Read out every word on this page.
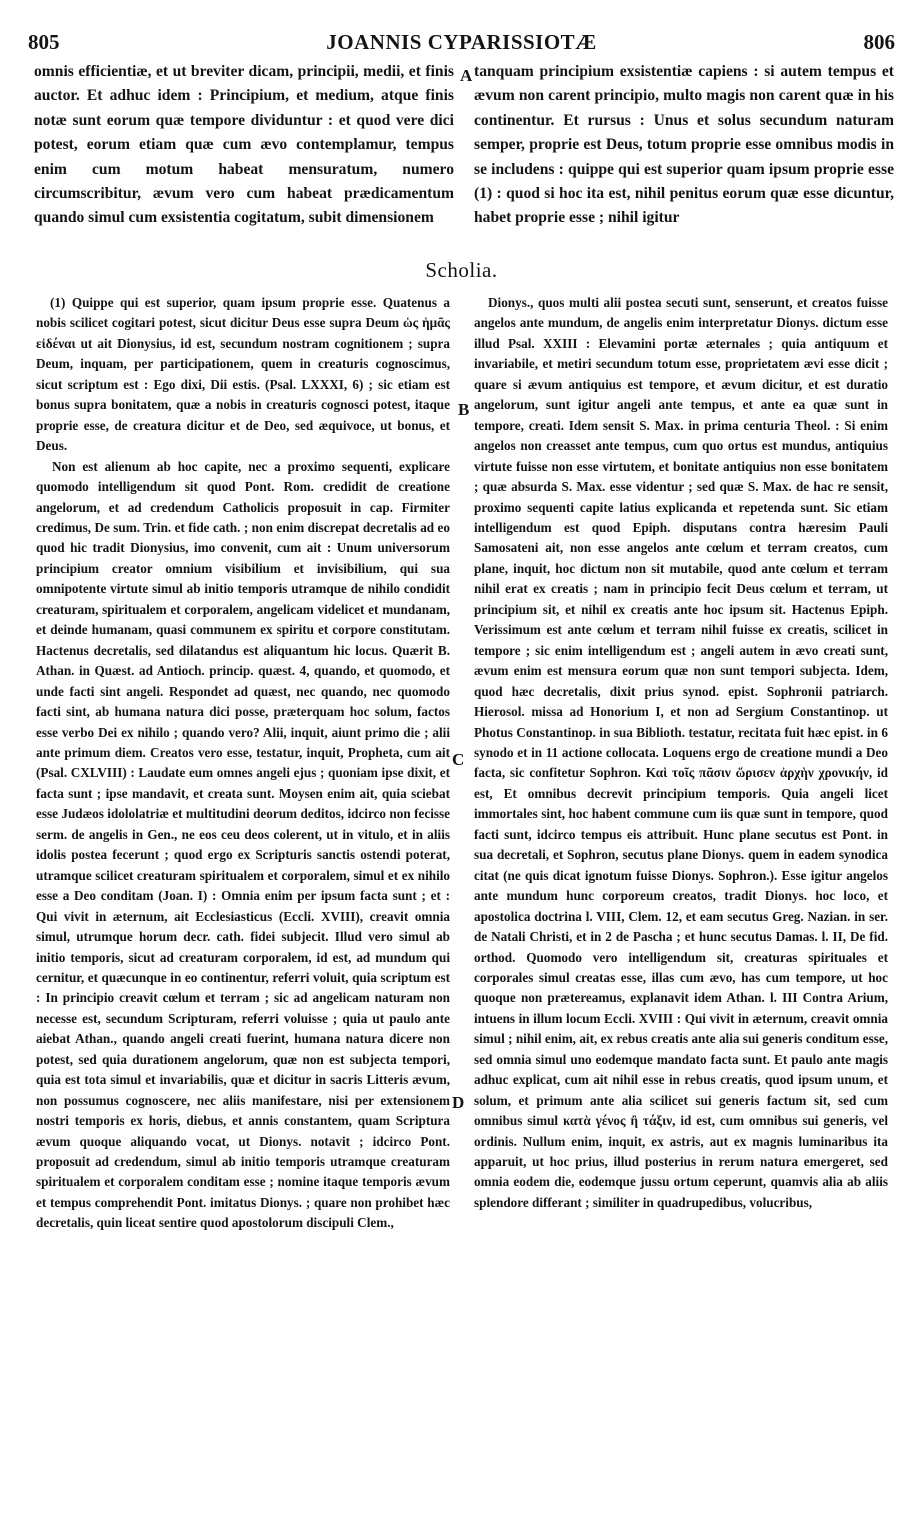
805	JOANNIS CYPARISSIOTÆ	806
omnis efficientiæ, et ut breviter dicam, principii, medii, et finis auctor. Et adhuc idem : Principium, et medium, atque finis notæ sunt eorum quæ tempore dividuntur : et quod vere dici potest, eorum etiam quæ cum ævo contemplamur, tempus enim cum motum habeat mensuratum, numero circumscribitur, ævum vero cum habeat prædicamentum quando simul cum exsistentia cogitatum, subit dimensionem
tanquam principium exsistentiæ capiens : si autem tempus et ævum non carent principio, multo magis non carent quæ in his continentur. Et rursus : Unus et solus secundum naturam semper, proprie est Deus, totum proprie esse omnibus modis in se includens : quippe qui est superior quam ipsum proprie esse (1) : quod si hoc ita est, nihil penitus eorum quæ esse dicuntur, habet proprie esse ; nihil igitur
A
Scholia.

(1) Quippe qui est superior, quam ipsum proprie esse. Quatenus a nobis scilicet cogitari potest, sicut dicitur Deus esse supra Deum ὡς ἡμᾶς εἰδέναι ut ait Dionysius, id est, secundum nostram cognitionem ; supra Deum, inquam, per participationem, quem in creaturis cognoscimus, sicut scriptum est : Ego dixi, Dii estis. (Psal. LXXXI, 6) ; sic etiam est bonus supra bonitatem, quæ a nobis in creaturis cognosci potest, itaque proprie esse, de creatura dicitur et de Deo, sed æquivoce, ut bonus, et Deus.

Non est alienum ab hoc capite, nec a proximo sequenti, explicare quomodo intelligendum sit quod Pont. Rom. credidit de creatione angelorum, et ad credendum Catholicis proposuit in cap. Firmiter credimus, De sum. Trin. et fide cath. ; non enim discrepat decretalis ad eo quod hic tradit Dionysius, imo convenit, cum ait : Unum universorum principium creator omnium visibilium et invisibilium, qui sua omnipotente virtute simul ab initio temporis utramque de nihilo condidit creaturam, spiritualem et corporalem, angelicam videlicet et mundanam, et deinde humanam, quasi communem ex spiritu et corpore constitutam. Hactenus decretalis, sed dilatandus est aliquantum hic locus. Quærit B. Athan. in Quæst. ad Antioch. princip. quæst. 4, quando, et quomodo, et unde facti sint angeli. Respondet ad quæst, nec quando, nec quomodo facti sint, ab humana natura dici posse, præterquam hoc solum, factos esse verbo Dei ex nihilo ; quando vero? Alii, inquit, aiunt primo die ; alii ante primum diem. Creatos vero esse, testatur, inquit, Propheta, cum ait (Psal. CXLVIII) : Laudate eum omnes angeli ejus ; quoniam ipse dixit, et facta sunt ; ipse mandavit, et creata sunt. Moysen enim ait, quia sciebat esse Judæos idololatriæ et multitudini deorum deditos, idcirco non fecisse serm. de angelis in Gen., ne eos ceu deos colerent, ut in vitulo, et in aliis idolis postea fecerunt ; quod ergo ex Scripturis sanctis ostendi poterat, utramque scilicet creaturam spiritualem et corporalem, simul et ex nihilo esse a Deo conditam (Joan. I) : Omnia enim per ipsum facta sunt ; et : Qui vivit in æternum, ait Ecclesiasticus (Eccli. XVIII), creavit omnia simul, utrumque horum decr. cath. fidei subjecit. Illud vero simul ab initio temporis, sicut ad creaturam corporalem, id est, ad mundum qui cernitur, et quæcunque in eo continentur, referri voluit, quia scriptum est : In principio creavit cœlum et terram ; sic ad angelicam naturam non necesse est, secundum Scripturam, referri voluisse ; quia ut paulo ante aiebat Athan., quando angeli creati fuerint, humana natura dicere non potest, sed quia durationem angelorum, quæ non est subjecta tempori, quia est tota simul et invariabilis, quæ et dicitur in sacris Litteris ævum, non possumus cognoscere, nec aliis manifestare, nisi per extensionem nostri temporis ex horis, diebus, et annis constantem, quam Scriptura ævum quoque aliquando vocat, ut Dionys. notavit ; idcirco Pont. proposuit ad credendum, simul ab initio temporis utramque creaturam spiritualem et corporalem conditam esse ; nomine itaque temporis ævum et tempus comprehendit Pont. imitatus Dionys. ; quare non prohibet hæc decretalis, quin liceat sentire quod apostolorum discipuli Clem.,

Dionys., quos multi alii postea secuti sunt, senserunt, et creatos fuisse angelos ante mundum, de angelis enim interpretatur Dionys. dictum esse illud Psal. XXIII : Elevamini portæ æternales ; quia antiquum et invariabile, et metiri secundum totum esse, proprietatem ævi esse dicit ; quare si ævum antiquius est tempore, et ævum dicitur, et est duratio angelorum, sunt igitur angeli ante tempus, et ante ea quæ sunt in tempore, creati. Idem sensit S. Max. in prima centuria Theol. : Si enim angelos non creasset ante tempus, cum quo ortus est mundus, antiquius virtute fuisse non esse virtutem, et bonitate antiquius non esse bonitatem ; quæ absurda S. Max. esse videntur ; sed quæ S. Max. de hac re sensit, proximo sequenti capite latius explicanda et repetenda sunt. Sic etiam intelligendum est quod Epiph. disputans contra hæresim Pauli Samosateni ait, non esse angelos ante cœlum et terram creatos, cum plane, inquit, hoc dictum non sit mutabile, quod ante cœlum et terram nihil erat ex creatis ; nam in principio fecit Deus cœlum et terram, ut principium sit, et nihil ex creatis ante hoc ipsum sit. Hactenus Epiph. Verissimum est ante cœlum et terram nihil fuisse ex creatis, scilicet in tempore ; sic enim intelligendum est ; angeli autem in ævo creati sunt, ævum enim est mensura eorum quæ non sunt tempori subjecta. Idem, quod hæc decretalis, dixit prius synod. epist. Sophronii patriarch. Hierosol. missa ad Honorium I, et non ad Sergium Constantinop. ut Photus Constantinop. in sua Biblioth. testatur, recitata fuit hæc epist. in 6 synodo et in 11 actione collocata. Loquens ergo de creatione mundi a Deo facta, sic confitetur Sophron. Καὶ τοῖς πᾶσιν ὥρισεν ἀρχὴν χρονικήν, id est, Et omnibus decrevit principium temporis. Quia angeli licet immortales sint, hoc habent commune cum iis quæ sunt in tempore, quod facti sunt, idcirco tempus eis attribuit. Hunc plane secutus est Pont. in sua decretali, et Sophron, secutus plane Dionys. quem in eadem synodica citat (ne quis dicat ignotum fuisse Dionys. Sophron.). Esse igitur angelos ante mundum hunc corporeum creatos, tradit Dionys. hoc loco, et apostolica doctrina l. VIII, Clem. 12, et eam secutus Greg. Nazian. in ser. de Natali Christi, et in 2 de Pascha ; et hunc secutus Damas. l. II, De fid. orthod. Quomodo vero intelligendum sit, creaturas spirituales et corporales simul creatas esse, illas cum ævo, has cum tempore, ut hoc quoque non prætereamus, explanavit idem Athan. l. III Contra Arium, intuens in illum locum Eccli. XVIII : Qui vivit in æternum, creavit omnia simul ; nihil enim, ait, ex rebus creatis ante alia sui generis conditum esse, sed omnia simul uno eodemque mandato facta sunt. Et paulo ante magis adhuc explicat, cum ait nihil esse in rebus creatis, quod ipsum unum, et solum, et primum ante alia scilicet sui generis factum sit, sed cum omnibus simul κατὰ γένος ἢ τάξιν, id est, cum omnibus sui generis, vel ordinis. Nullum enim, inquit, ex astris, aut ex magnis luminaribus ita apparuit, ut hoc prius, illud posterius in rerum natura emergeret, sed omnia eodem die, eodemque jussu ortum ceperunt, quamvis alia ab aliis splendore differant ; similiter in quadrupedibus, volucribus,

B
C
D
